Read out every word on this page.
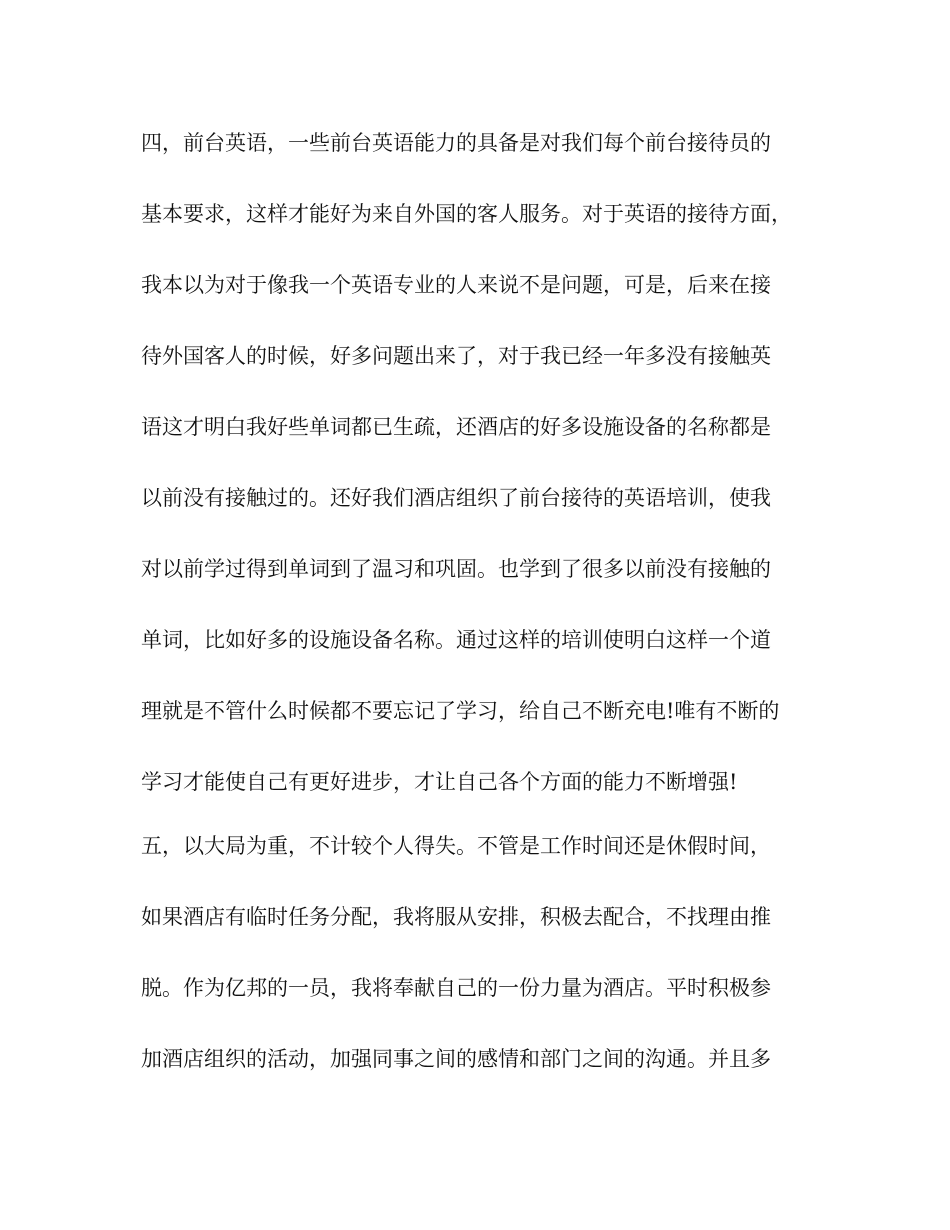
四，前台英语，一些前台英语能力的具备是对我们每个前台接待员的
基本要求，这样才能好为来自外国的客人服务。对于英语的接待方面，
我本以为对于像我一个英语专业的人来说不是问题，可是，后来在接
待外国客人的时候，好多问题出来了，对于我已经一年多没有接触英
语这才明白我好些单词都已生疏，还酒店的好多设施设备的名称都是
以前没有接触过的。还好我们酒店组织了前台接待的英语培训，使我
对以前学过得到单词到了温习和巩固。也学到了很多以前没有接触的
单词，比如好多的设施设备名称。通过这样的培训使明白这样一个道
理就是不管什么时候都不要忘记了学习，给自己不断充电!唯有不断的
学习才能使自己有更好进步，才让自己各个方面的能力不断增强!
五，以大局为重，不计较个人得失。不管是工作时间还是休假时间，
如果酒店有临时任务分配，我将服从安排，积极去配合，不找理由推
脱。作为亿邦的一员，我将奉献自己的一份力量为酒店。平时积极参
加酒店组织的活动，加强同事之间的感情和部门之间的沟通。并且多
